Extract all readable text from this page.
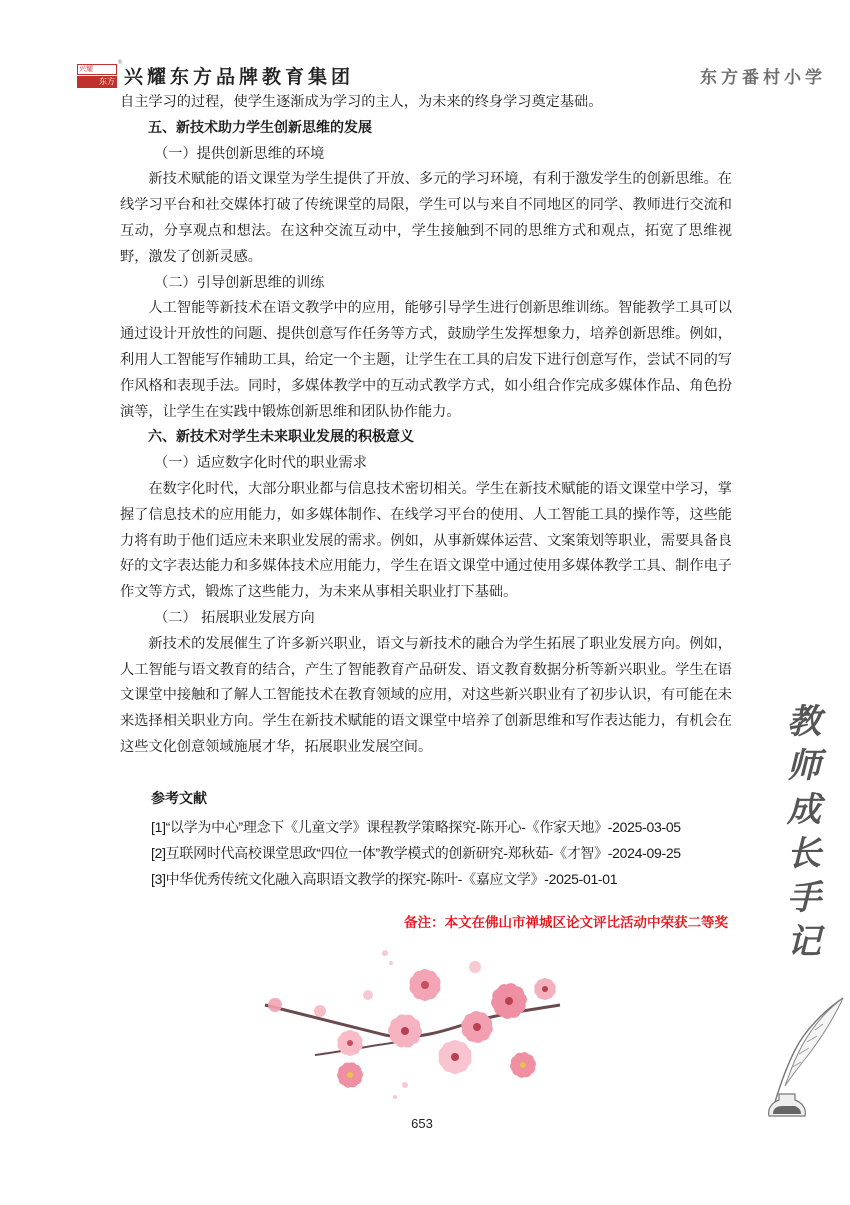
兴耀
东方
®
兴耀东方品牌教育集团	东方番村小学

自主学习的过程，使学生逐渐成为学习的主人，为未来的终身学习奠定基础。

五、新技术助力学生创新思维的发展

（一）提供创新思维的环境

新技术赋能的语文课堂为学生提供了开放、多元的学习环境，有利于激发学生的创新思维。在线学习平台和社交媒体打破了传统课堂的局限，学生可以与来自不同地区的同学、教师进行交流和互动，分享观点和想法。在这种交流互动中，学生接触到不同的思维方式和观点，拓宽了思维视野，激发了创新灵感。

（二）引导创新思维的训练

人工智能等新技术在语文教学中的应用，能够引导学生进行创新思维训练。智能教学工具可以通过设计开放性的问题、提供创意写作任务等方式，鼓励学生发挥想象力，培养创新思维。例如，利用人工智能写作辅助工具，给定一个主题，让学生在工具的启发下进行创意写作，尝试不同的写作风格和表现手法。同时，多媒体教学中的互动式教学方式，如小组合作完成多媒体作品、角色扮演等，让学生在实践中锻炼创新思维和团队协作能力。

六、新技术对学生未来职业发展的积极意义

（一）适应数字化时代的职业需求

在数字化时代，大部分职业都与信息技术密切相关。学生在新技术赋能的语文课堂中学习，掌握了信息技术的应用能力，如多媒体制作、在线学习平台的使用、人工智能工具的操作等，这些能力将有助于他们适应未来职业发展的需求。例如，从事新媒体运营、文案策划等职业，需要具备良好的文字表达能力和多媒体技术应用能力，学生在语文课堂中通过使用多媒体教学工具、制作电子作文等方式，锻炼了这些能力，为未来从事相关职业打下基础。

（二） 拓展职业发展方向

新技术的发展催生了许多新兴职业，语文与新技术的融合为学生拓展了职业发展方向。例如，人工智能与语文教育的结合，产生了智能教育产品研发、语文教育数据分析等新兴职业。学生在语文课堂中接触和了解人工智能技术在教育领域的应用，对这些新兴职业有了初步认识，有可能在未来选择相关职业方向。学生在新技术赋能的语文课堂中培养了创新思维和写作表达能力，有机会在这些文化创意领域施展才华，拓展职业发展空间。

参考文献
[1]“以学为中心”理念下《儿童文学》课程教学策略探究-陈开心-《作家天地》-2025-03-05
[2]互联网时代高校课堂思政“四位一体”教学模式的创新研究-郑秋茹-《才智》-2024-09-25
[3]中华优秀传统文化融入高职语文教学的探究-陈叶-《嘉应文学》-2025-01-01
备注：本文在佛山市禅城区论文评比活动中荣获二等奖
教
师
成
长
手
记
653
